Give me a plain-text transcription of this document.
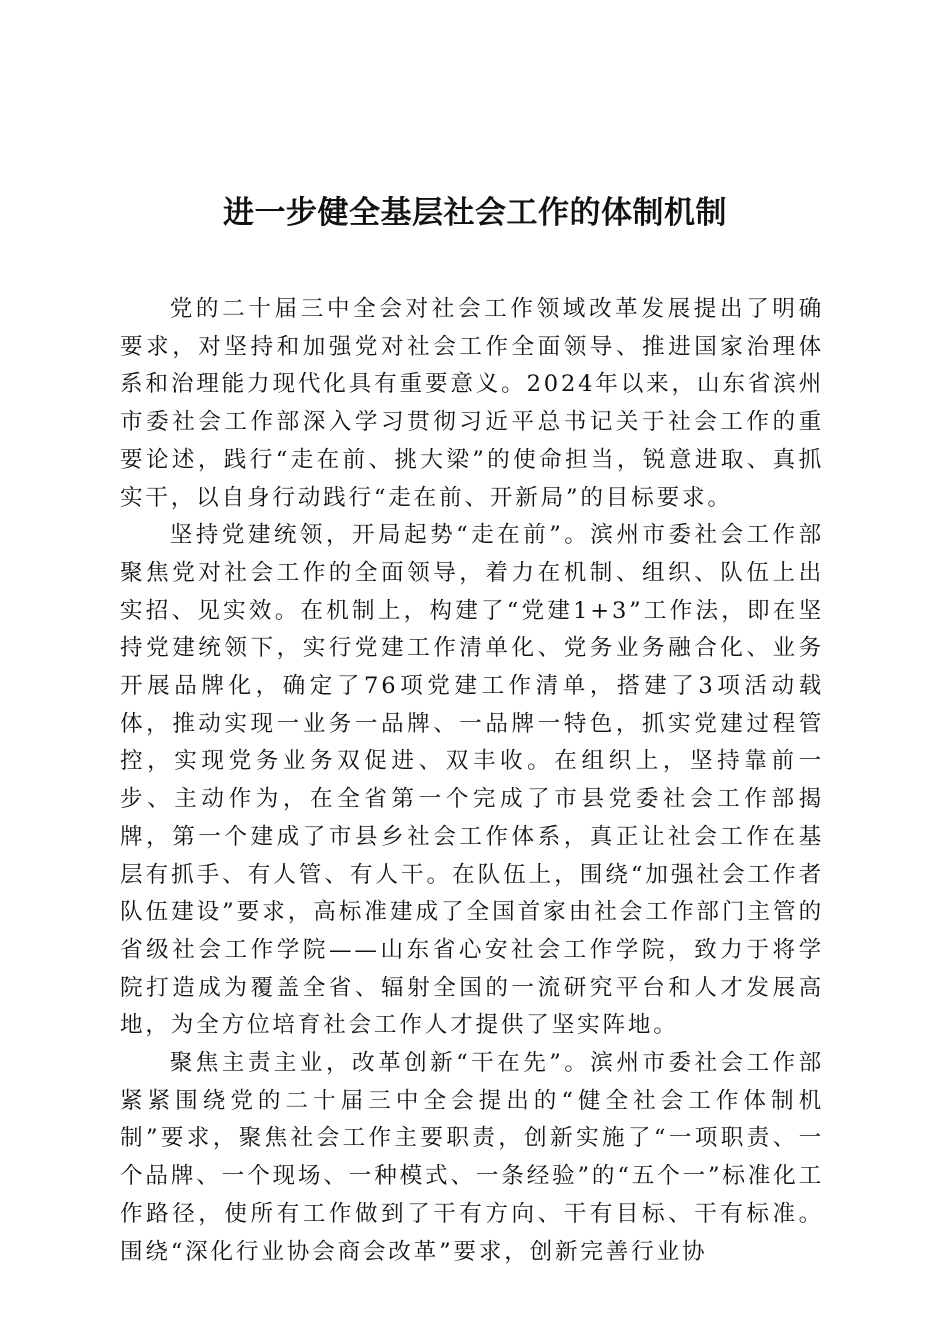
进一步健全基层社会工作的体制机制

党的二十届三中全会对社会工作领域改革发展提出了明确要求，对坚持和加强党对社会工作全面领导、推进国家治理体系和治理能力现代化具有重要意义。2024年以来，山东省滨州市委社会工作部深入学习贯彻习近平总书记关于社会工作的重要论述，践行“走在前、挑大梁”的使命担当，锐意进取、真抓实干，以自身行动践行“走在前、开新局”的目标要求。

坚持党建统领，开局起势“走在前”。滨州市委社会工作部聚焦党对社会工作的全面领导，着力在机制、组织、队伍上出实招、见实效。在机制上，构建了“党建1+3”工作法，即在坚持党建统领下，实行党建工作清单化、党务业务融合化、业务开展品牌化，确定了76项党建工作清单，搭建了3项活动载体，推动实现一业务一品牌、一品牌一特色，抓实党建过程管控，实现党务业务双促进、双丰收。在组织上，坚持靠前一步、主动作为，在全省第一个完成了市县党委社会工作部揭牌，第一个建成了市县乡社会工作体系，真正让社会工作在基层有抓手、有人管、有人干。在队伍上，围绕“加强社会工作者队伍建设”要求，高标准建成了全国首家由社会工作部门主管的省级社会工作学院——山东省心安社会工作学院，致力于将学院打造成为覆盖全省、辐射全国的一流研究平台和人才发展高地，为全方位培育社会工作人才提供了坚实阵地。

聚焦主责主业，改革创新“干在先”。滨州市委社会工作部紧紧围绕党的二十届三中全会提出的“健全社会工作体制机制”要求，聚焦社会工作主要职责，创新实施了“一项职责、一个品牌、一个现场、一种模式、一条经验”的“五个一”标准化工作路径，使所有工作做到了干有方向、干有目标、干有标准。围绕“深化行业协会商会改革”要求，创新完善行业协
